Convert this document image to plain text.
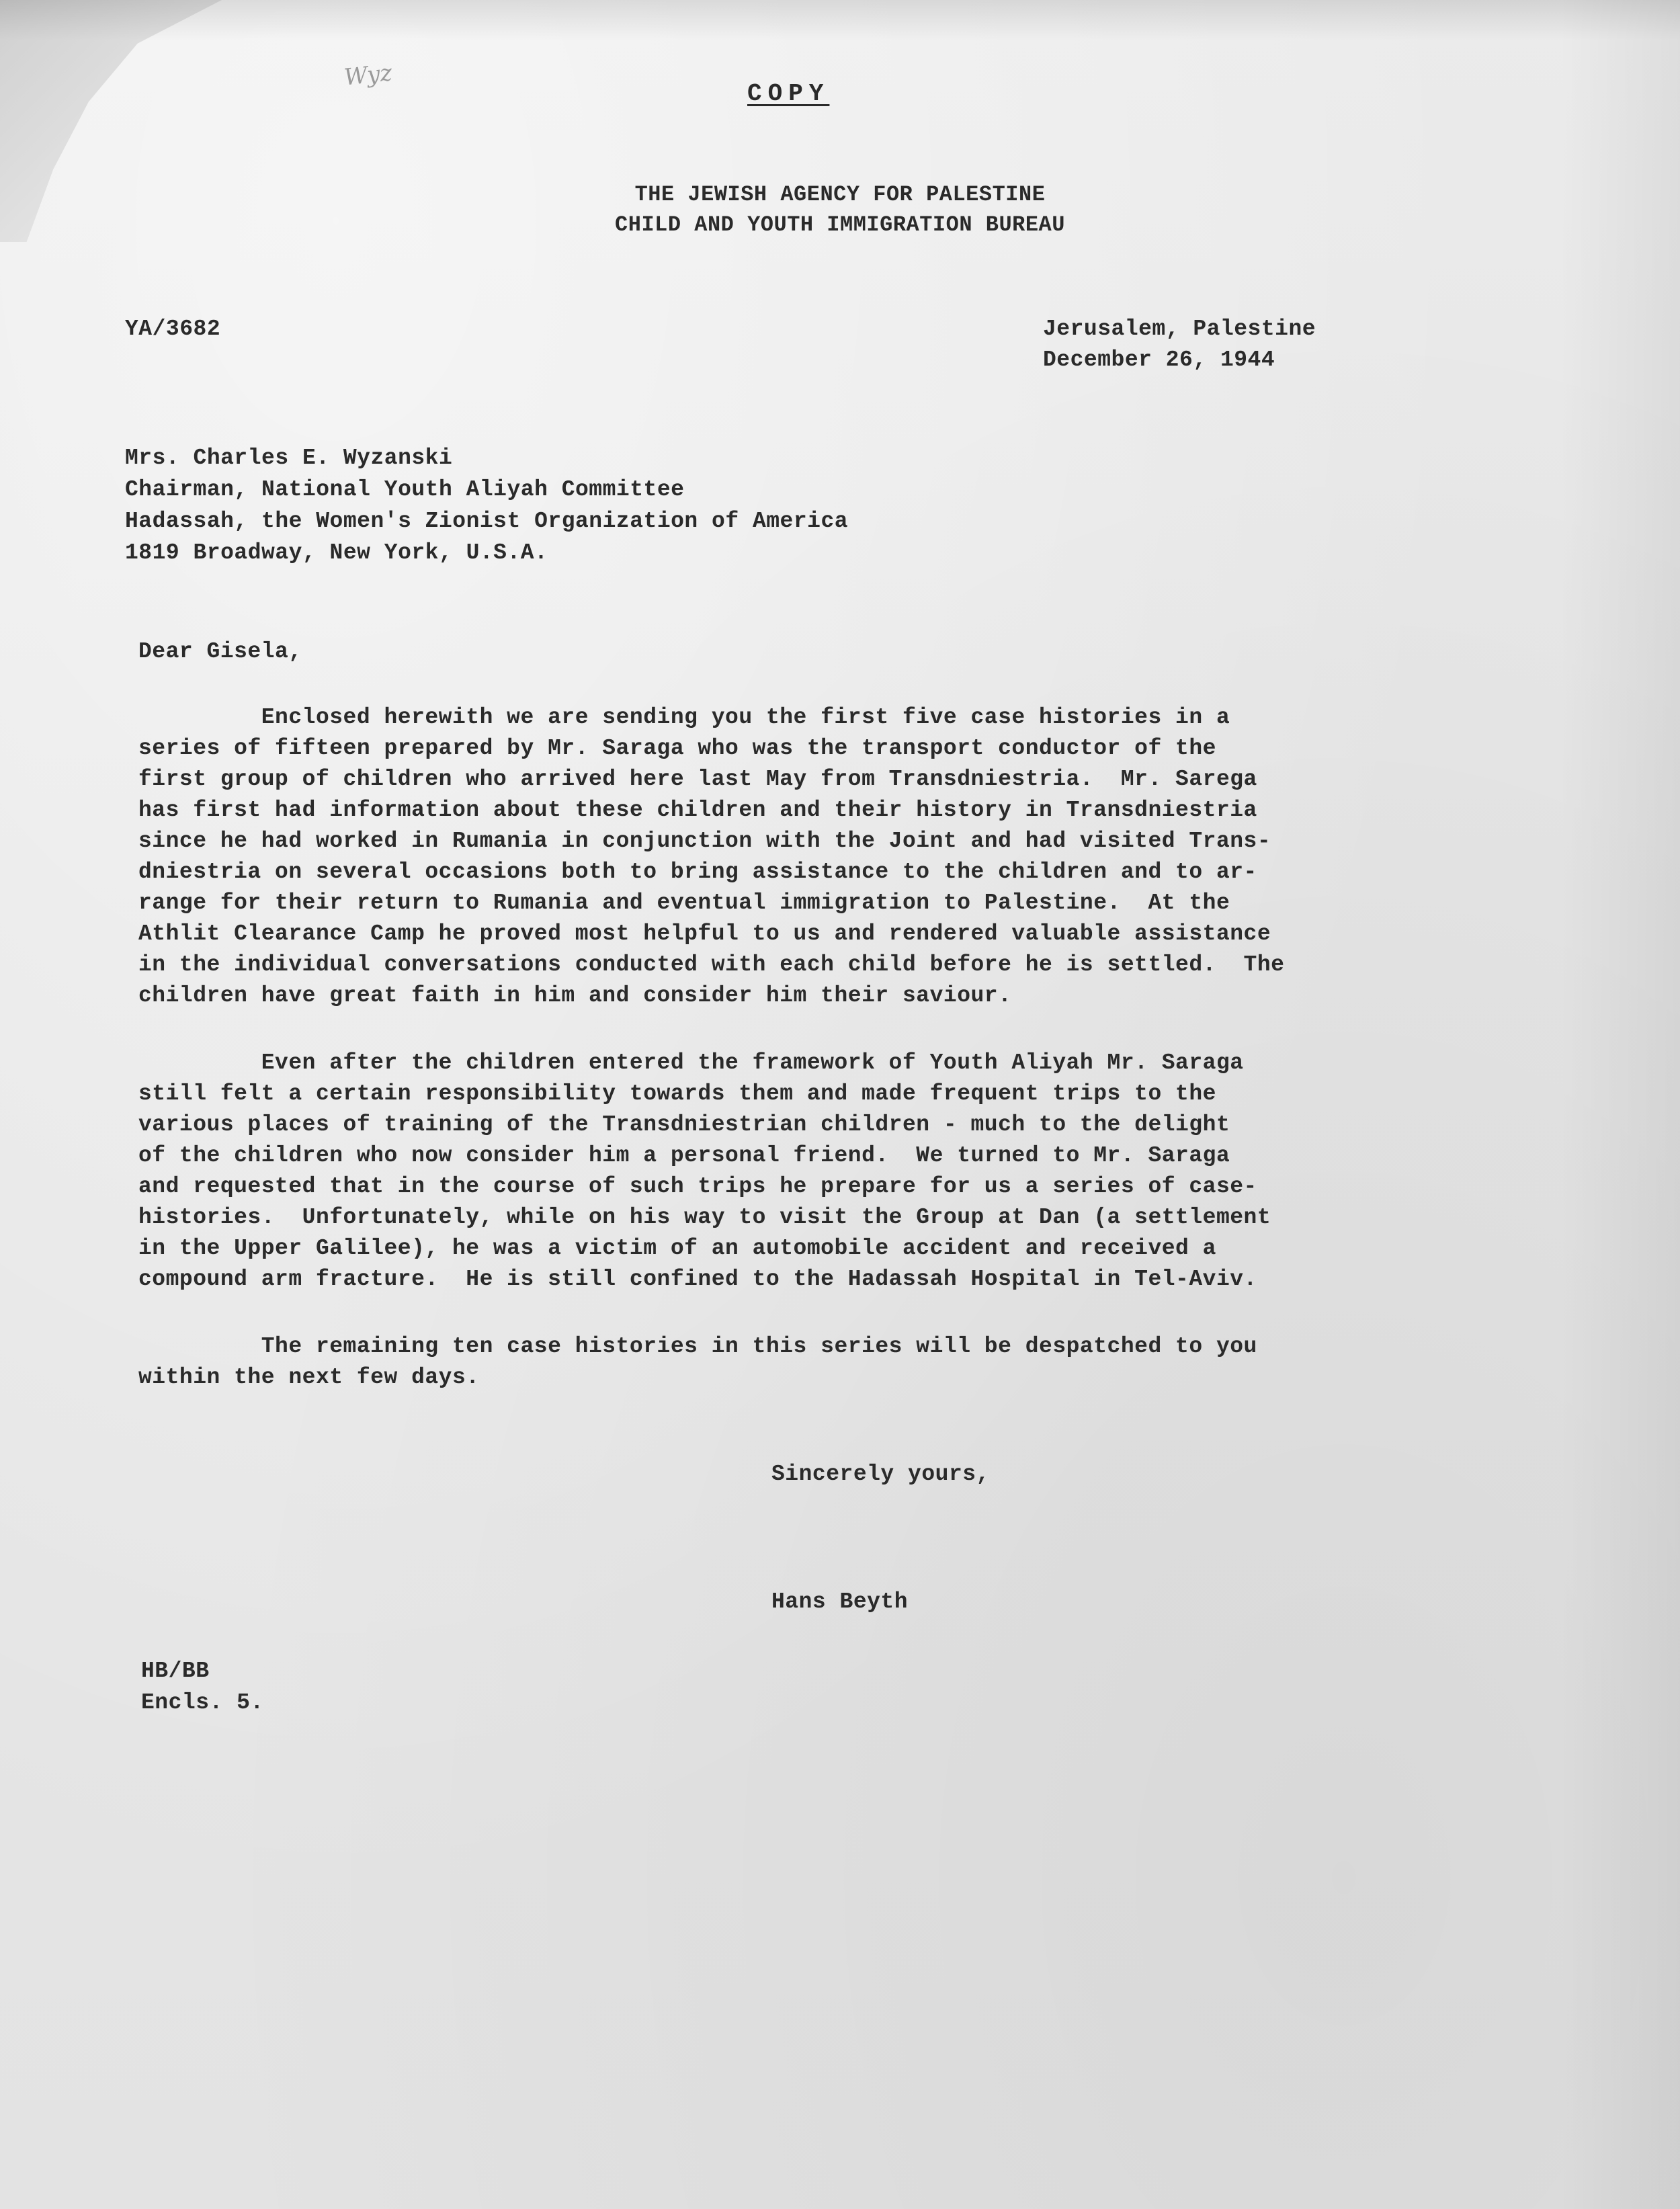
Wyz
COPY
THE JEWISH AGENCY FOR PALESTINE
CHILD AND YOUTH IMMIGRATION BUREAU
YA/3682	Jerusalem, Palestine
December 26, 1944
Mrs. Charles E. Wyzanski
Chairman, National Youth Aliyah Committee
Hadassah, the Women's Zionist Organization of America
1819 Broadway, New York, U.S.A.
Dear Gisela,
Enclosed herewith we are sending you the first five case histories in a
series of fifteen prepared by Mr. Saraga who was the transport conductor of the
first group of children who arrived here last May from Transdniestria.  Mr. Sarega
has first had information about these children and their history in Transdniestria
since he had worked in Rumania in conjunction with the Joint and had visited Trans-
dniestria on several occasions both to bring assistance to the children and to ar-
range for their return to Rumania and eventual immigration to Palestine.  At the
Athlit Clearance Camp he proved most helpful to us and rendered valuable assistance
in the individual conversations conducted with each child before he is settled.  The
children have great faith in him and consider him their saviour.
Even after the children entered the framework of Youth Aliyah Mr. Saraga
still felt a certain responsibility towards them and made frequent trips to the
various places of training of the Transdniestrian children - much to the delight
of the children who now consider him a personal friend.  We turned to Mr. Saraga
and requested that in the course of such trips he prepare for us a series of case-
histories.  Unfortunately, while on his way to visit the Group at Dan (a settlement
in the Upper Galilee), he was a victim of an automobile accident and received a
compound arm fracture.  He is still confined to the Hadassah Hospital in Tel-Aviv.
The remaining ten case histories in this series will be despatched to you
within the next few days.
Sincerely yours,
Hans Beyth
HB/BB
Encls. 5.
